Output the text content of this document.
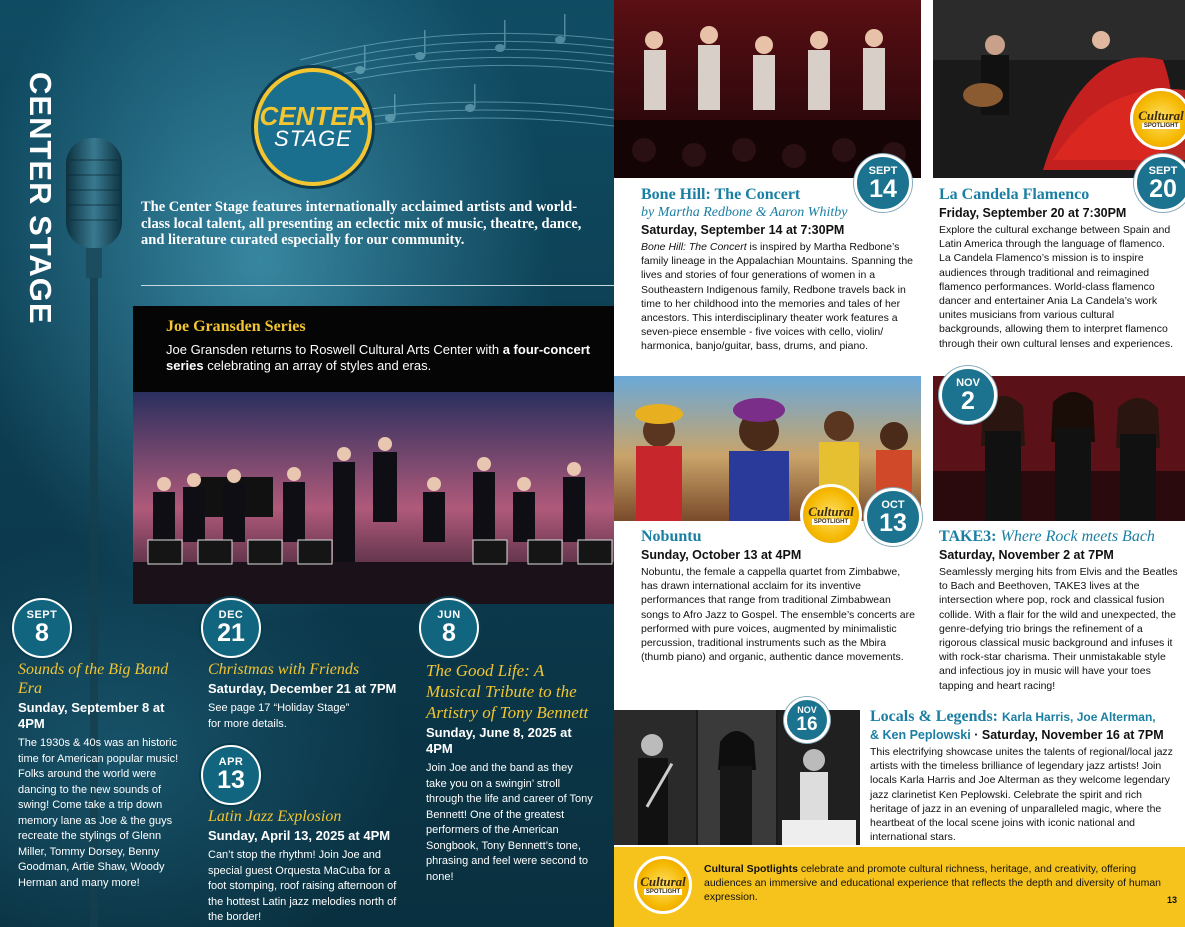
CENTER STAGE	CENTER
STAGE
The Center Stage features internationally acclaimed artists and world-class local talent, all presenting an eclectic mix of music, theatre, dance, and literature curated especially for our community.
Joe Gransden Series
Joe Gransden returns to Roswell Cultural Arts Center with a four-concert series celebrating an array of styles and eras.
SEPT
8
Sounds of the Big Band Era
Sunday, September 8 at 4PM
The 1930s & 40s was an historic time for American popular music! Folks around the world were dancing to the new sounds of swing! Come take a trip down memory lane as Joe & the guys recreate the stylings of Glenn Miller, Tommy Dorsey, Benny Goodman, Artie Shaw, Woody Herman and many more!
DEC
21
Christmas with Friends
Saturday, December 21 at 7PM
See page 17 “Holiday Stage” for more details.
APR
13
Latin Jazz Explosion
Sunday, April 13, 2025 at 4PM
Can’t stop the rhythm! Join Joe and special guest Orquesta MaCuba for a foot stomping, roof raising afternoon of the hottest Latin jazz melodies north of the border!
JUN
8
The Good Life: A Musical Tribute to the Artistry of Tony Bennett
Sunday, June 8, 2025 at 4PM
Join Joe and the band as they take you on a swingin’ stroll through the life and career of Tony Bennett! One of the greatest performers of the American Songbook, Tony Bennett’s tone, phrasing and feel were second to none!
SEPT
14
Bone Hill: The Concert
by Martha Redbone & Aaron Whitby
Saturday, September 14 at 7:30PM
Bone Hill: The Concert is inspired by Martha Redbone’s family lineage in the Appalachian Mountains. Spanning the lives and stories of four generations of women in a Southeastern Indigenous family, Redbone travels back in time to her childhood into the memories and tales of her ancestors. This interdisciplinary theater work features a seven-piece ensemble - five voices with cello, violin/ harmonica, banjo/guitar, bass, drums, and piano.
Cultural
SPOTLIGHT
SEPT
20
La Candela Flamenco
Friday, September 20 at 7:30PM
Explore the cultural exchange between Spain and Latin America through the language of flamenco. La Candela Flamenco’s mission is to inspire audiences through traditional and reimagined flamenco performances. World-class flamenco dancer and entertainer Ania La Candela’s work unites musicians from various cultural backgrounds, allowing them to interpret flamenco through their own cultural lenses and experiences.
Cultural
SPOTLIGHT
OCT
13
Nobuntu
Sunday, October 13 at 4PM
Nobuntu, the female a cappella quartet from Zimbabwe, has drawn international acclaim for its inventive performances that range from traditional Zimbabwean songs to Afro Jazz to Gospel. The ensemble’s concerts are performed with pure voices, augmented by minimalistic percussion, traditional instruments such as the Mbira (thumb piano) and organic, authentic dance movements.
NOV
2
TAKE3: Where Rock meets Bach
Saturday, November 2 at 7PM
Seamlessly merging hits from Elvis and the Beatles to Bach and Beethoven, TAKE3 lives at the intersection where pop, rock and classical fusion collide. With a flair for the wild and unexpected, the genre-defying trio brings the refinement of a rigorous classical music background and infuses it with rock-star charisma. Their unmistakable style and infectious joy in music will have your toes tapping and heart racing!
NOV
16	Locals & Legends: Karla Harris, Joe Alterman,
& Ken Peplowski · Saturday, November 16 at 7PM
This electrifying showcase unites the talents of regional/local jazz artists with the timeless brilliance of legendary jazz artists! Join locals Karla Harris and Joe Alterman as they welcome legendary jazz clarinetist Ken Peplowski. Celebrate the spirit and rich heritage of jazz in an evening of unparalleled magic, where the heartbeat of the local scene joins with iconic national and international stars.
Cultural
SPOTLIGHT
Cultural Spotlights celebrate and promote cultural richness, heritage, and creativity, offering audiences an immersive and educational experience that reflects the depth and diversity of human expression.	13
